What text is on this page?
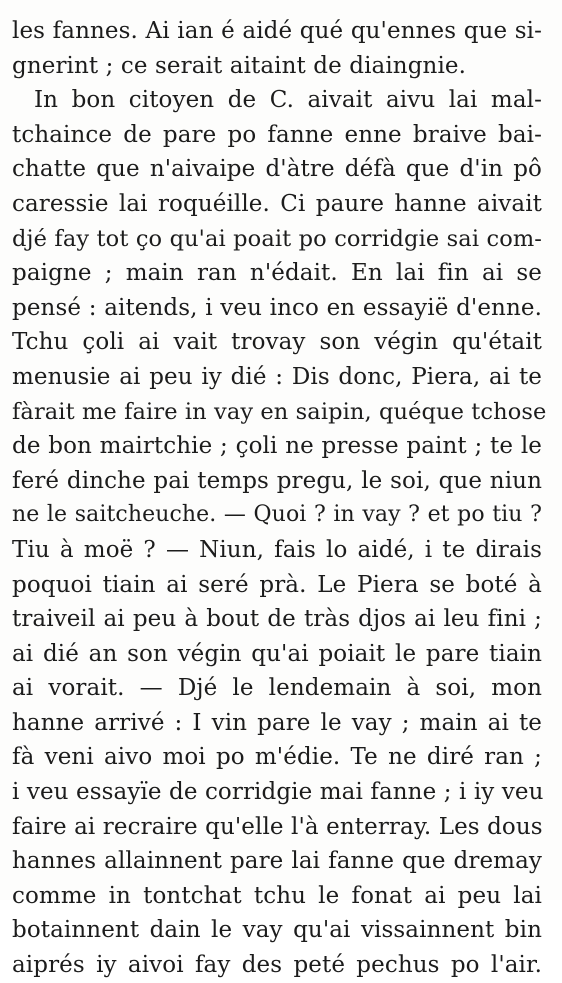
les fannes. Ai ian é aidé qué qu'ennes que si-
gnerint ; ce serait aitaint de diaingnie.
In bon citoyen de C. aivait aivu lai mal-
tchaince de pare po fanne enne braive bai-
chatte que n'aivaipe d'àtre défà que d'in pô
caressie lai roquéille. Ci paure hanne aivait
djé fay tot ço qu'ai poait po corridgie sai com-
paigne ; main ran n'édait. En lai fin ai se
pensé : aitends, i veu inco en essayië d'enne.
Tchu çoli ai vait trovay son végin qu'était
menusie ai peu iy dié : Dis donc, Piera, ai te
fàrait me faire in vay en saipin, quéque tchose
de bon mairtchie ; çoli ne presse paint ; te le
feré dinche pai temps pregu, le soi, que niun
ne le saitcheuche. — Quoi ? in vay ? et po tiu ?
Tiu à moë ? — Niun, fais lo aidé, i te dirais
poquoi tiain ai seré prà. Le Piera se boté à
traiveil ai peu à bout de tràs djos ai leu fini ;
ai dié an son végin qu'ai poiait le pare tiain
ai vorait. — Djé le lendemain à soi, mon
hanne arrivé : I vin pare le vay ; main ai te
fà veni aivo moi po m'édie. Te ne diré ran ;
i veu essayïe de corridgie mai fanne ; i iy veu
faire ai recraire qu'elle l'à enterray. Les dous
hannes allainnent pare lai fanne que dremay
comme in tontchat tchu le fonat ai peu lai
botainnent dain le vay qu'ai vissainnent bin
aiprés iy aivoi fay des peté pechus po l'air.
